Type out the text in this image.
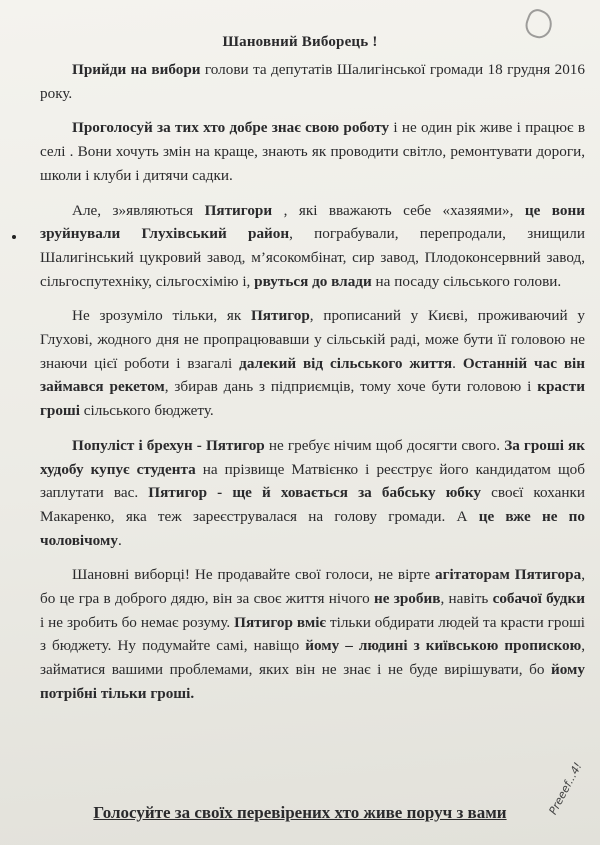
Шановний Виборець !

Прийди на вибори голови та депутатів Шалигінської громади 18 грудня 2016 року.

Проголосуй за тих хто добре знає свою роботу і не один рік живе і працює в селі . Вони хочуть змін на краще, знають як проводити світло, ремонтувати дороги, школи і клуби і дитячи садки.

Але, з»являються Пятигори , які вважають себе «хазяями», це вони зруйнували Глухівський район, пограбували, перепродали, знищили Шалигінський цукровий завод, м’ясокомбінат, сир завод, Плодоконсервний завод, сільгоспутехніку, сільгосхімію і, рвуться до влади на посаду сільського голови.

Не зрозуміло тільки, як Пятигор, прописаний у Києві, проживаючий у Глухові, жодного дня не пропрацювавши у сільській раді, може бути її головою не знаючи цієї роботи і взагалі далекий від сільського життя. Останній час він займався рекетом, збирав дань з підприємців, тому хоче бути головою і красти гроші сільського бюджету.

Популіст і брехун - Пятигор не гребує нічим щоб досягти свого. За гроші як худобу купує студента на прізвище Матвієнко і реєструє його кандидатом щоб заплутати вас. Пятигор - ще й ховається за бабську юбку своєї коханки Макаренко, яка теж зареєструвалася на голову громади. А це вже не по чоловічому.

Шановні виборці! Не продавайте свої голоси, не вірте агітаторам Пятигора, бо це гра в доброго дядю, він за своє життя нічого не зробив, навіть собачої будки і не зробить бо немає розуму. Пятигор вміє тільки обдирати людей та красти гроші з бюджету. Ну подумайте самі, навіщо йому – людині з київською пропискою, займатися вашими проблемами, яких він не знає і не буде вирішувати, бо йому потрібні тільки гроші.

Голосуйте за своїх перевірених хто живе поруч з вами	Preeef...4!
